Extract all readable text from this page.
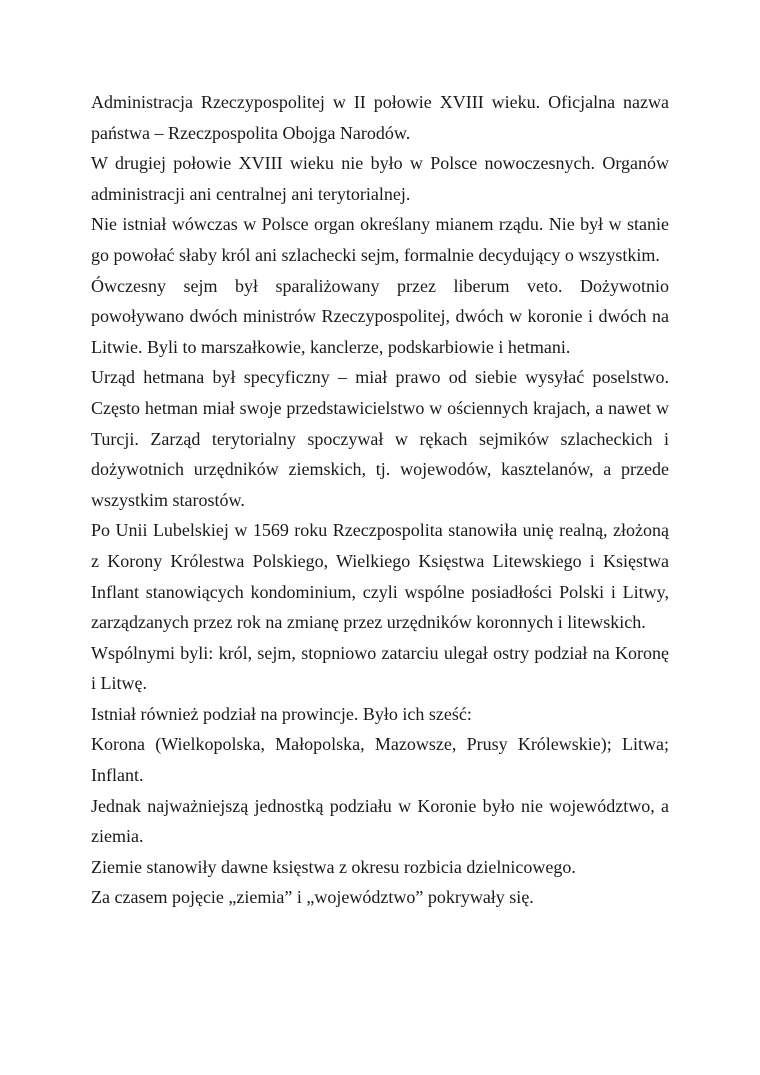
Administracja Rzeczypospolitej w II połowie XVIII wieku. Oficjalna nazwa państwa – Rzeczpospolita Obojga Narodów.

W drugiej połowie XVIII wieku nie było w Polsce nowoczesnych. Organów administracji ani centralnej ani terytorialnej.

Nie istniał wówczas w Polsce organ określany mianem rządu. Nie był w stanie go powołać słaby król ani szlachecki sejm, formalnie decydujący o wszystkim.

Ówczesny sejm był sparaliżowany przez liberum veto. Dożywotnio powoływano dwóch ministrów Rzeczypospolitej, dwóch w koronie i dwóch na Litwie. Byli to marszałkowie, kanclerze, podskarbiowie i hetmani.

Urząd hetmana był specyficzny – miał prawo od siebie wysyłać poselstwo. Często hetman miał swoje przedstawicielstwo w ościennych krajach, a nawet w Turcji. Zarząd terytorialny spoczywał w rękach sejmików szlacheckich i dożywotnich urzędników ziemskich, tj. wojewodów, kasztelanów, a przede wszystkim starostów.

Po Unii Lubelskiej w 1569 roku Rzeczpospolita stanowiła unię realną, złożoną z Korony Królestwa Polskiego, Wielkiego Księstwa Litewskiego i Księstwa Inflant stanowiących kondominium, czyli wspólne posiadłości Polski i Litwy, zarządzanych przez rok na zmianę przez urzędników koronnych i litewskich.

Wspólnymi byli: król, sejm, stopniowo zatarciu ulegał ostry podział na Koronę i Litwę.

Istniał również podział na prowincje. Było ich sześć:

Korona (Wielkopolska, Małopolska, Mazowsze, Prusy Królewskie); Litwa; Inflant.

Jednak najważniejszą jednostką podziału w Koronie było nie województwo, a ziemia.

Ziemie stanowiły dawne księstwa z okresu rozbicia dzielnicowego.

Za czasem pojęcie „ziemia” i „województwo” pokrywały się.
